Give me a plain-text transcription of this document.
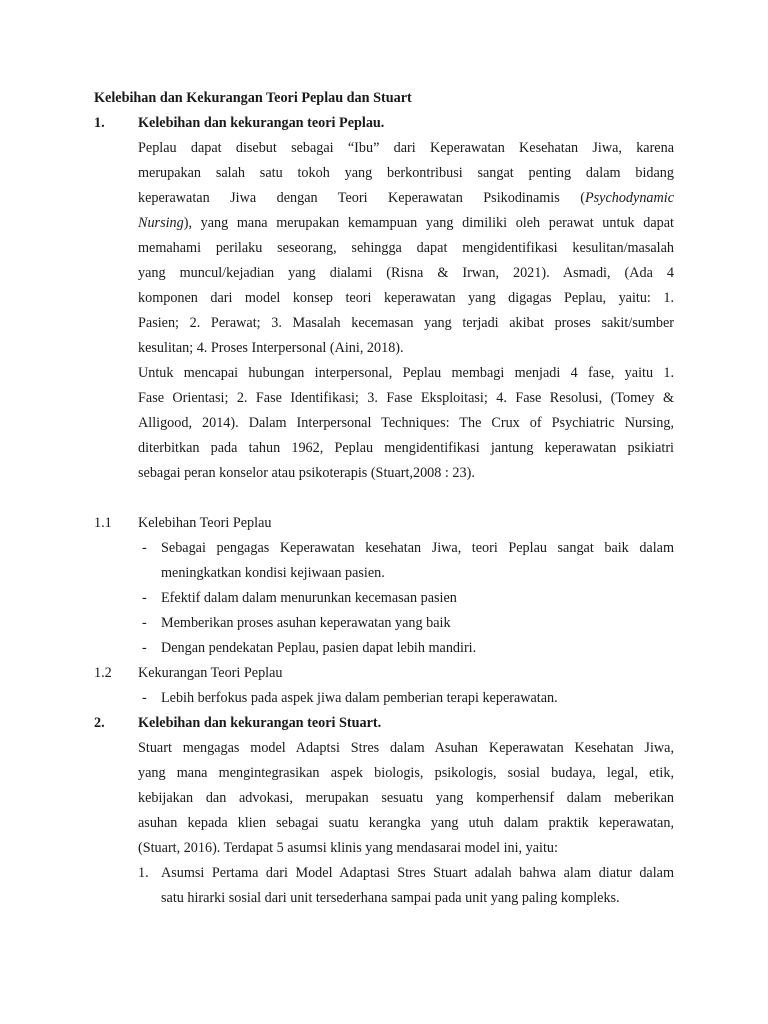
Kelebihan dan Kekurangan Teori Peplau dan Stuart
1. Kelebihan dan kekurangan teori Peplau.
Peplau dapat disebut sebagai “Ibu” dari Keperawatan Kesehatan Jiwa, karena
merupakan salah satu tokoh yang berkontribusi sangat penting dalam bidang
keperawatan Jiwa dengan Teori Keperawatan Psikodinamis (Psychodynamic
Nursing), yang mana merupakan kemampuan yang dimiliki oleh perawat untuk dapat
memahami perilaku seseorang, sehingga dapat mengidentifikasi kesulitan/masalah
yang muncul/kejadian yang dialami (Risna & Irwan, 2021). Asmadi, (Ada 4
komponen dari model konsep teori keperawatan yang digagas Peplau, yaitu: 1.
Pasien; 2. Perawat; 3. Masalah kecemasan yang terjadi akibat proses sakit/sumber
kesulitan; 4. Proses Interpersonal (Aini, 2018).
Untuk mencapai hubungan interpersonal, Peplau membagi menjadi 4 fase, yaitu 1.
Fase Orientasi; 2. Fase Identifikasi; 3. Fase Eksploitasi; 4. Fase Resolusi, (Tomey &
Alligood, 2014). Dalam Interpersonal Techniques: The Crux of Psychiatric Nursing,
diterbitkan pada tahun 1962, Peplau mengidentifikasi jantung keperawatan psikiatri
sebagai peran konselor atau psikoterapis (Stuart,2008 : 23).
1.1 Kelebihan Teori Peplau
- Sebagai pengagas Keperawatan kesehatan Jiwa, teori Peplau sangat baik dalam
meningkatkan kondisi kejiwaan pasien.
- Efektif dalam dalam menurunkan kecemasan pasien
- Memberikan proses asuhan keperawatan yang baik
- Dengan pendekatan Peplau, pasien dapat lebih mandiri.
1.2 Kekurangan Teori Peplau
- Lebih berfokus pada aspek jiwa dalam pemberian terapi keperawatan.
2. Kelebihan dan kekurangan teori Stuart.
Stuart mengagas model Adaptsi Stres dalam Asuhan Keperawatan Kesehatan Jiwa,
yang mana mengintegrasikan aspek biologis, psikologis, sosial budaya, legal, etik,
kebijakan dan advokasi, merupakan sesuatu yang komperhensif dalam meberikan
asuhan kepada klien sebagai suatu kerangka yang utuh dalam praktik keperawatan,
(Stuart, 2016). Terdapat 5 asumsi klinis yang mendasarai model ini, yaitu:
1. Asumsi Pertama dari Model Adaptasi Stres Stuart adalah bahwa alam diatur dalam
satu hirarki sosial dari unit tersederhana sampai pada unit yang paling kompleks.
